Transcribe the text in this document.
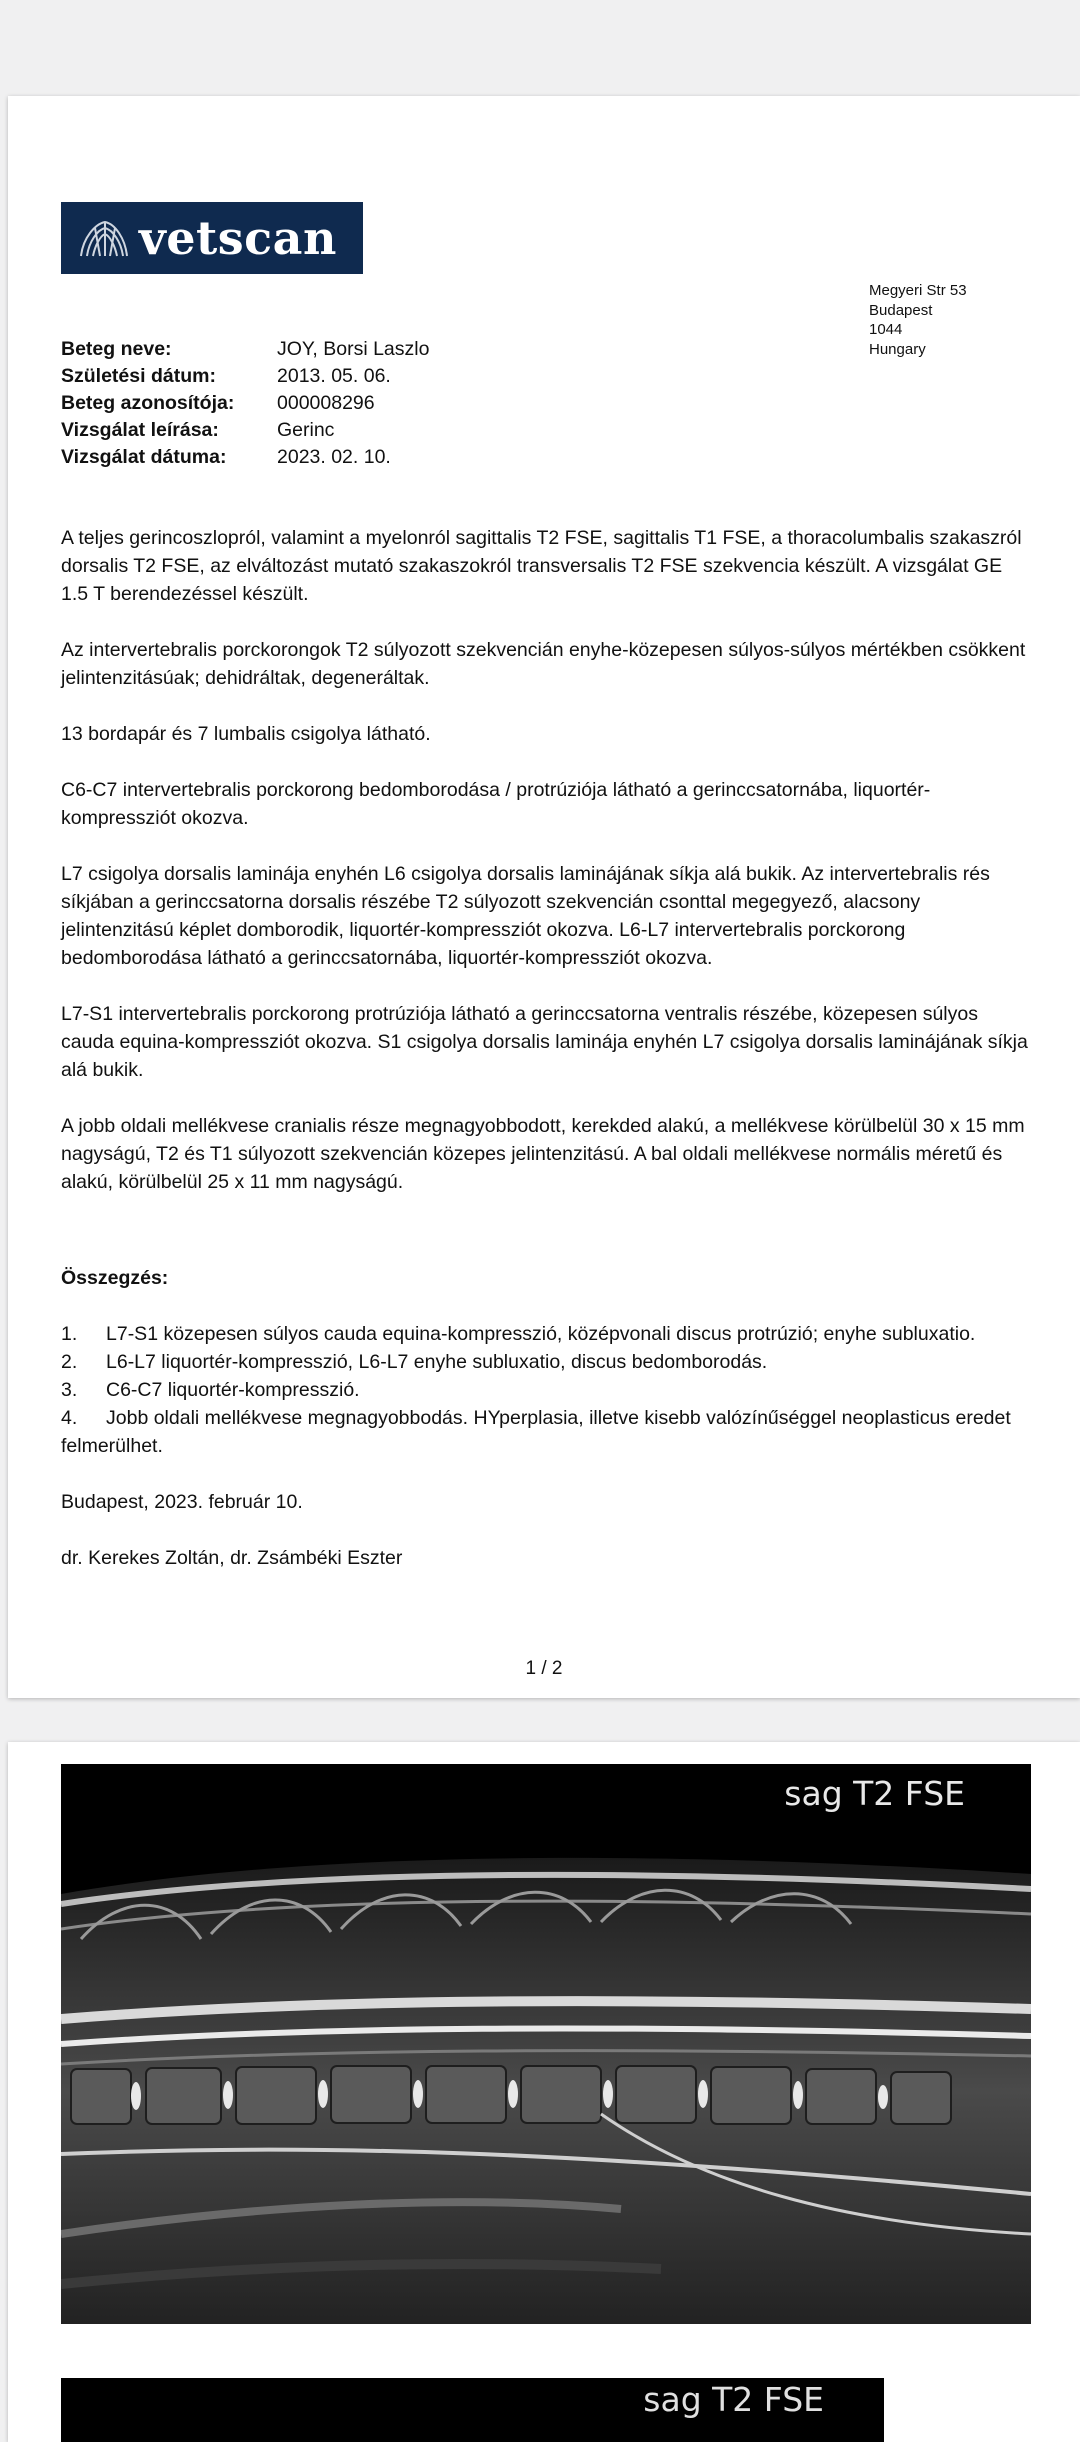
vetscan
Megyeri Str 53
Budapest
1044
Hungary
Beteg neve:	JOY, Borsi Laszlo
Születési dátum:	2013. 05. 06.
Beteg azonosítója:	000008296
Vizsgálat leírása:	Gerinc
Vizsgálat dátuma:	2023. 02. 10.

A teljes gerincoszlopról, valamint a myelonról sagittalis T2 FSE, sagittalis T1 FSE, a thoracolumbalis szakaszról dorsalis T2 FSE, az elváltozást mutató szakaszokról transversalis T2 FSE szekvencia készült. A vizsgálat GE 1.5 T berendezéssel készült.

Az intervertebralis porckorongok T2 súlyozott szekvencián enyhe-közepesen súlyos-súlyos mértékben csökkent jelintenzitásúak; dehidráltak, degeneráltak.

13 bordapár és 7 lumbalis csigolya látható.

C6-C7 intervertebralis porckorong bedomborodása / protrúziója látható a gerinccsatornába, liquortér-kompressziót okozva.

L7 csigolya dorsalis laminája enyhén L6 csigolya dorsalis laminájának síkja alá bukik. Az intervertebralis rés síkjában a gerinccsatorna dorsalis részébe T2 súlyozott szekvencián csonttal megegyező, alacsony jelintenzitású képlet domborodik, liquortér-kompressziót okozva. L6-L7 intervertebralis porckorong bedomborodása látható a gerinccsatornába, liquortér-kompressziót okozva.

L7-S1 intervertebralis porckorong protrúziója látható a gerinccsatorna ventralis részébe, közepesen súlyos cauda equina-kompressziót okozva. S1 csigolya dorsalis laminája enyhén L7 csigolya dorsalis laminájának síkja alá bukik.

A jobb oldali mellékvese cranialis része megnagyobbodott, kerekded alakú, a mellékvese körülbelül 30 x 15 mm nagyságú, T2 és T1 súlyozott szekvencián közepes jelintenzitású. A bal oldali mellékvese normális méretű és alakú, körülbelül 25 x 11 mm nagyságú.

Összegzés:
1. L7-S1 közepesen súlyos cauda equina-kompresszió, középvonali discus protrúzió; enyhe subluxatio.
2. L6-L7 liquortér-kompresszió, L6-L7 enyhe subluxatio, discus bedomborodás.
3. C6-C7 liquortér-kompresszió.
4. Jobb oldali mellékvese megnagyobbodás. HYperplasia, illetve kisebb valózínűséggel neoplasticus eredet felmerülhet.

Budapest, 2023. február 10.

dr. Kerekes Zoltán, dr. Zsámbéki Eszter

1 / 2
sag T2 FSE
sag T2 FSE
